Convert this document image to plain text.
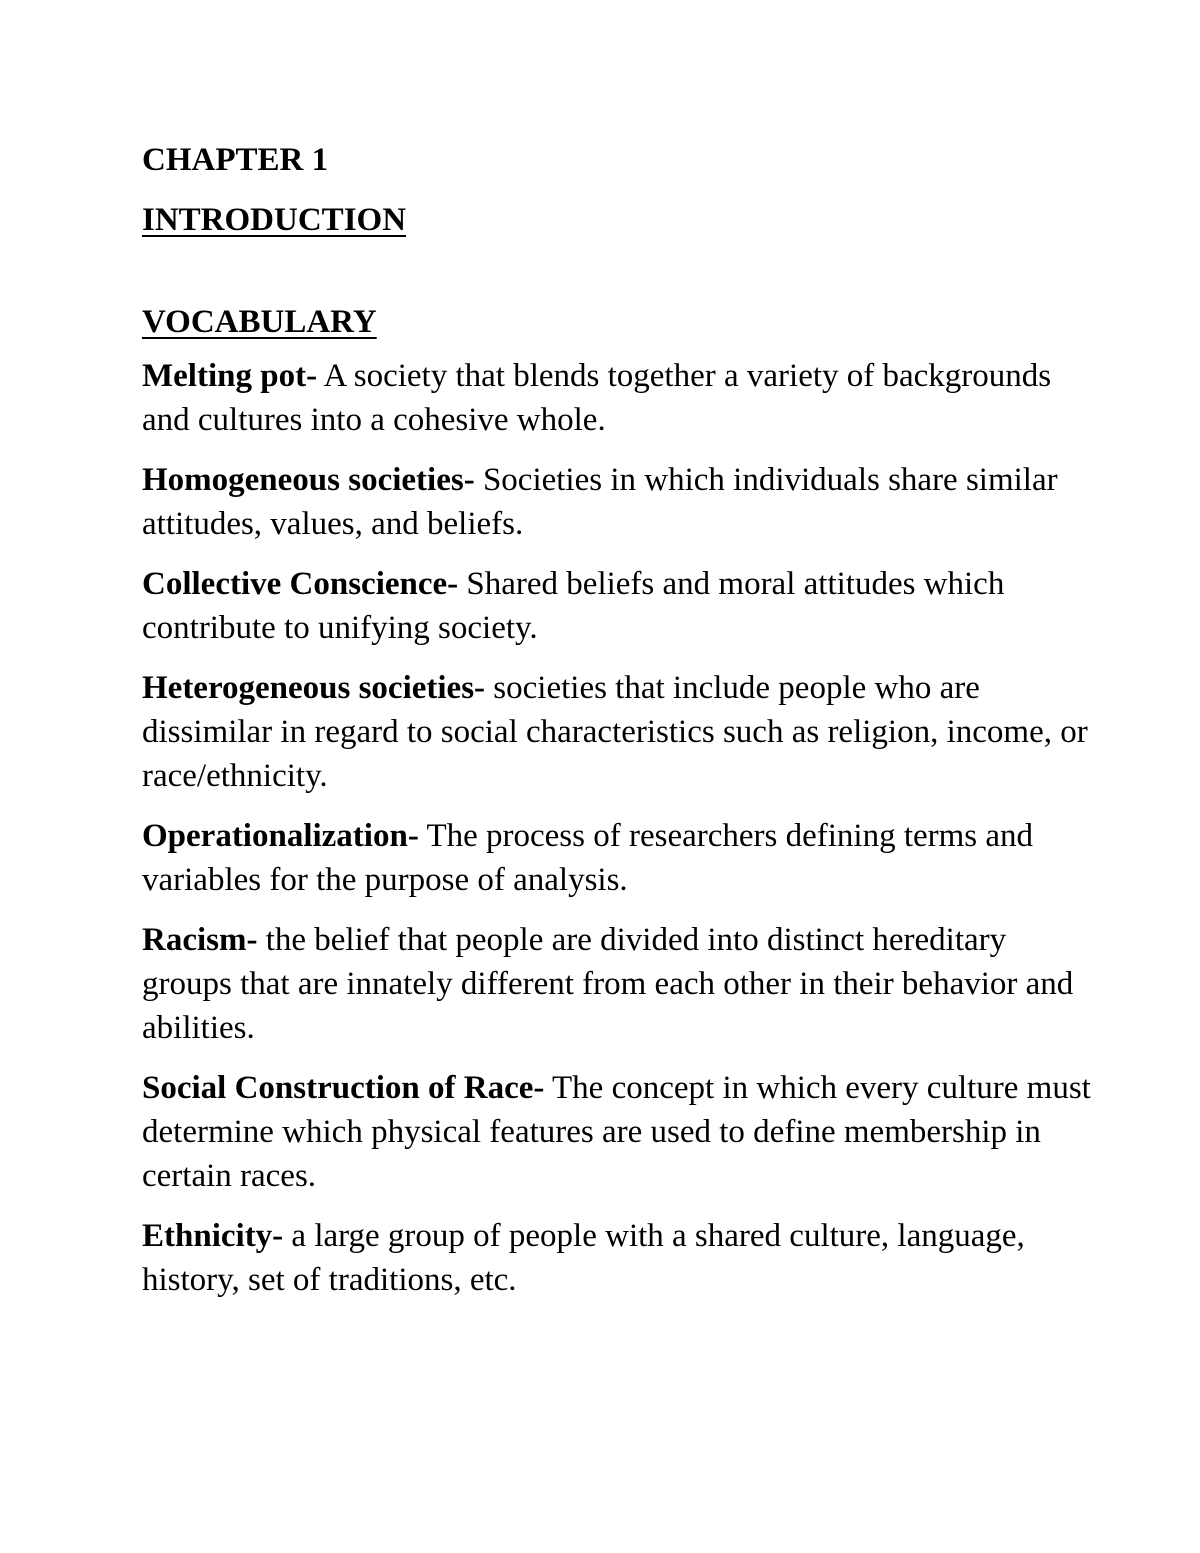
CHAPTER 1

INTRODUCTION

VOCABULARY

Melting pot- A society that blends together a variety of backgrounds and cultures into a cohesive whole.

Homogeneous societies- Societies in which individuals share similar attitudes, values, and beliefs.

Collective Conscience- Shared beliefs and moral attitudes which contribute to unifying society.

Heterogeneous societies- societies that include people who are dissimilar in regard to social characteristics such as religion, income, or race/ethnicity.

Operationalization- The process of researchers defining terms and variables for the purpose of analysis.

Racism- the belief that people are divided into distinct hereditary groups that are innately different from each other in their behavior and abilities.

Social Construction of Race- The concept in which every culture must determine which physical features are used to define membership in certain races.

Ethnicity- a large group of people with a shared culture, language, history, set of traditions, etc.
